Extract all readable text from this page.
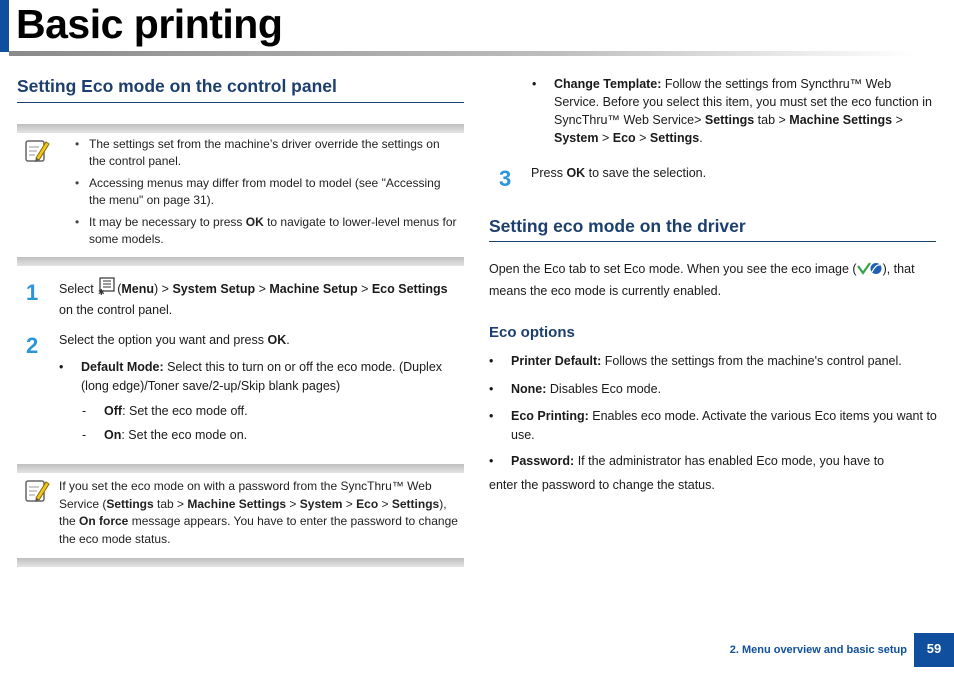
Basic printing
Setting Eco mode on the control panel
• The settings set from the machine’s driver override the settings on the control panel.
• Accessing menus may differ from model to model (see "Accessing the menu" on page 31).
• It may be necessary to press OK to navigate to lower-level menus for some models.
1 Select ✱ (Menu) > System Setup > Machine Setup > Eco Settings on the control panel.
2 Select the option you want and press OK.
• Default Mode: Select this to turn on or off the eco mode. (Duplex (long edge)/Toner save/2-up/Skip blank pages)
- Off: Set the eco mode off.
- On: Set the eco mode on.
If you set the eco mode on with a password from the SyncThru™ Web Service (Settings tab > Machine Settings > System > Eco > Settings), the On force message appears. You have to enter the password to change the eco mode status.
• Change Template: Follow the settings from Syncthru™ Web Service. Before you select this item, you must set the eco function in SyncThru™ Web Service> Settings tab > Machine Settings > System > Eco > Settings.
3 Press OK to save the selection.
Setting eco mode on the driver
Open the Eco tab to set Eco mode. When you see the eco image ( ), that means the eco mode is currently enabled.
Eco options
• Printer Default: Follows the settings from the machine's control panel.
• None: Disables Eco mode.
• Eco Printing: Enables eco mode. Activate the various Eco items you want to use.
• Password: If the administrator has enabled Eco mode, you have to
enter the password to change the status.
2. Menu overview and basic setup	59
